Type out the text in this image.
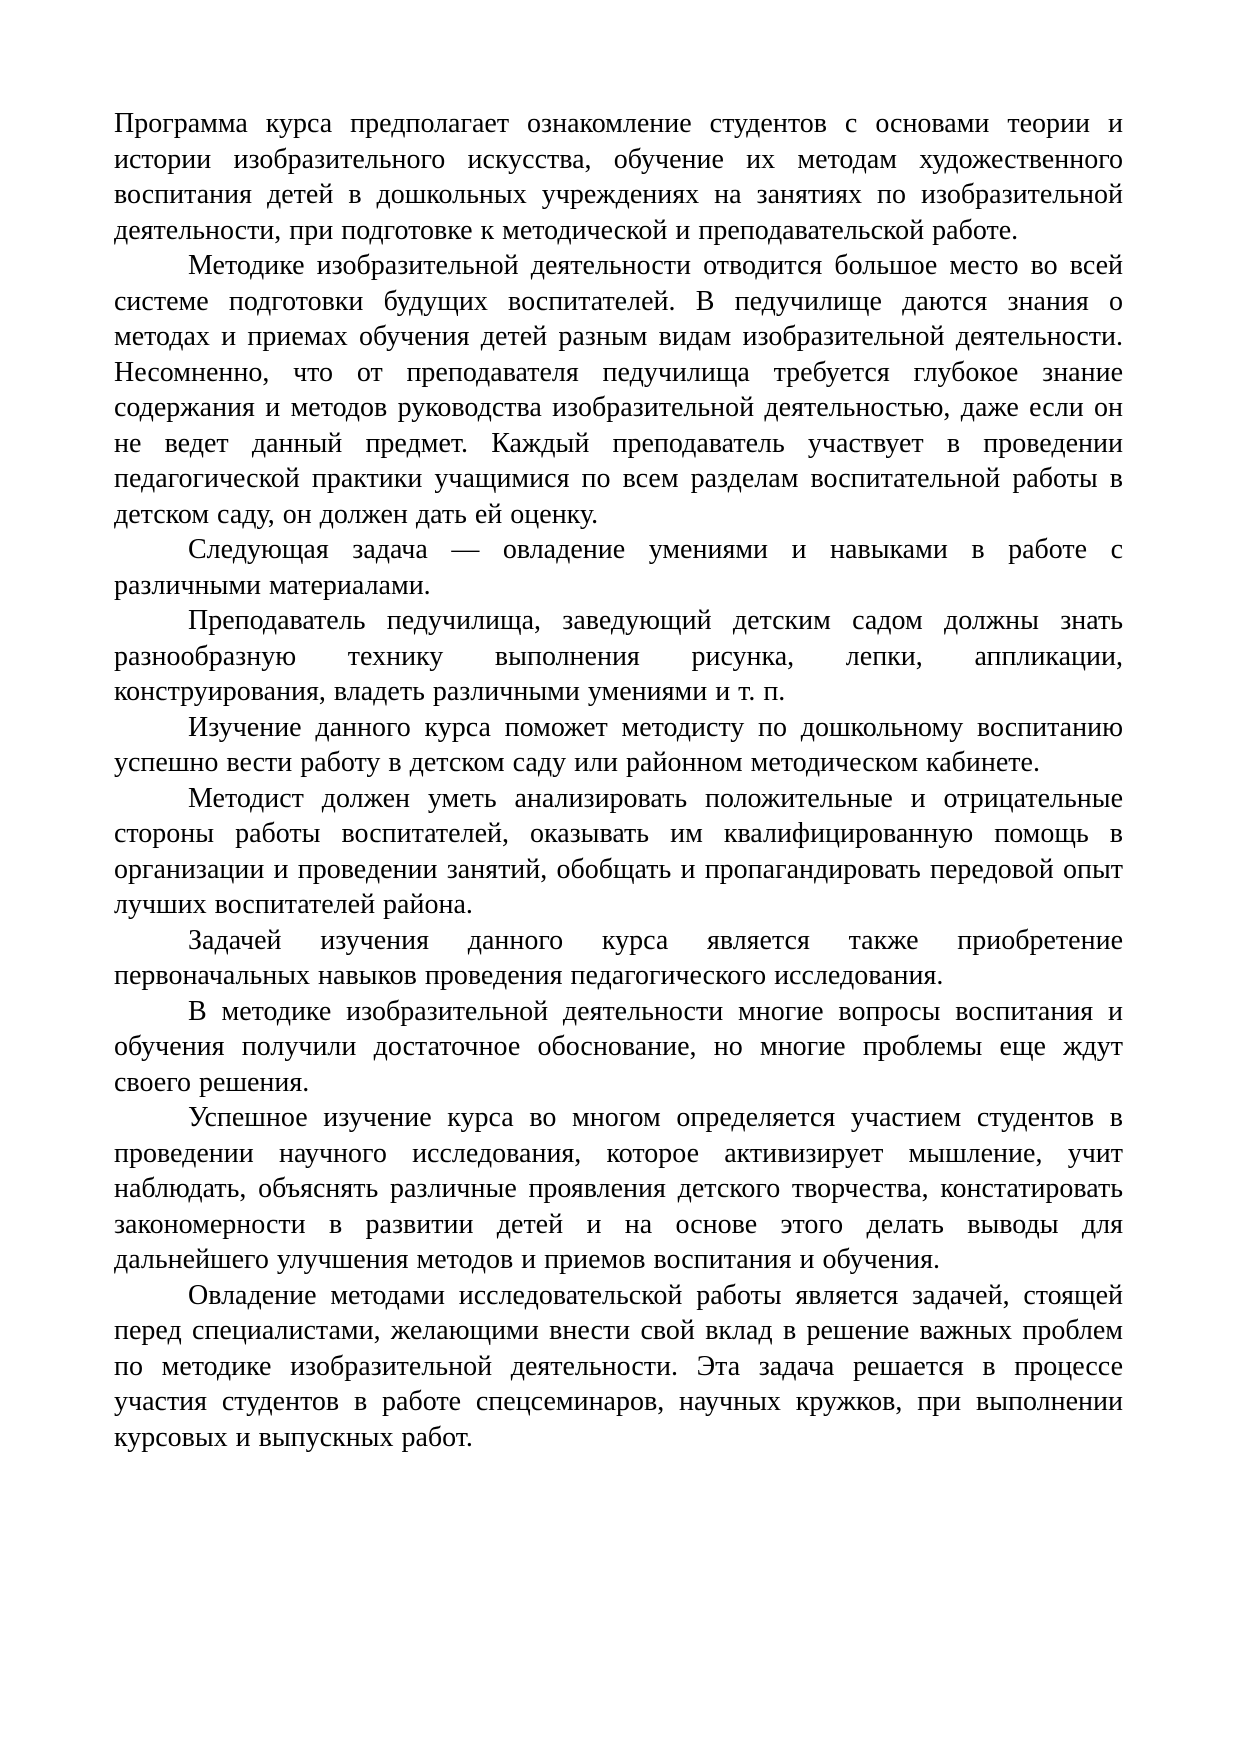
Программа курса предполагает ознакомление студентов с основами теории и истории изобразительного искусства, обучение их методам художественного воспитания детей в дошкольных учреждениях на занятиях по изобразительной деятельности, при подготовке к методической и преподавательской работе.

Методике изобразительной деятельности отводится большое место во всей системе подготовки будущих воспитателей. В педучилище даются знания о методах и приемах обучения детей разным видам изобразительной деятельности. Несомненно, что от преподавателя педучилища требуется глубокое знание содержания и методов руководства изобразительной деятельностью, даже если он не ведет данный предмет. Каждый преподаватель участвует в проведении педагогической практики учащимися по всем разделам воспитательной работы в детском саду, он должен дать ей оценку.

Следующая задача — овладение умениями и навыками в работе с различными материалами.

Преподаватель педучилища, заведующий детским садом должны знать разнообразную технику выполнения рисунка, лепки, аппликации, конструирования, владеть различными умениями и т. п.

Изучение данного курса поможет методисту по дошкольному воспитанию успешно вести работу в детском саду или районном методическом кабинете.

Методист должен уметь анализировать положительные и отрицательные стороны работы воспитателей, оказывать им квалифицированную помощь в организации и проведении занятий, обобщать и пропагандировать передовой опыт лучших воспитателей района.

Задачей изучения данного курса является также приобретение первоначальных навыков проведения педагогического исследования.

В методике изобразительной деятельности многие вопросы воспитания и обучения получили достаточное обоснование, но многие проблемы еще ждут своего решения.

Успешное изучение курса во многом определяется участием студентов в проведении научного исследования, которое активизирует мышление, учит наблюдать, объяснять различные проявления детского творчества, констатировать закономерности в развитии детей и на основе этого делать выводы для дальнейшего улучшения методов и приемов воспитания и обучения.

Овладение методами исследовательской работы является задачей, стоящей перед специалистами, желающими внести свой вклад в решение важных проблем по методике изобразительной деятельности. Эта задача решается в процессе участия студентов в работе спецсеминаров, научных кружков, при выполнении курсовых и выпускных работ.
